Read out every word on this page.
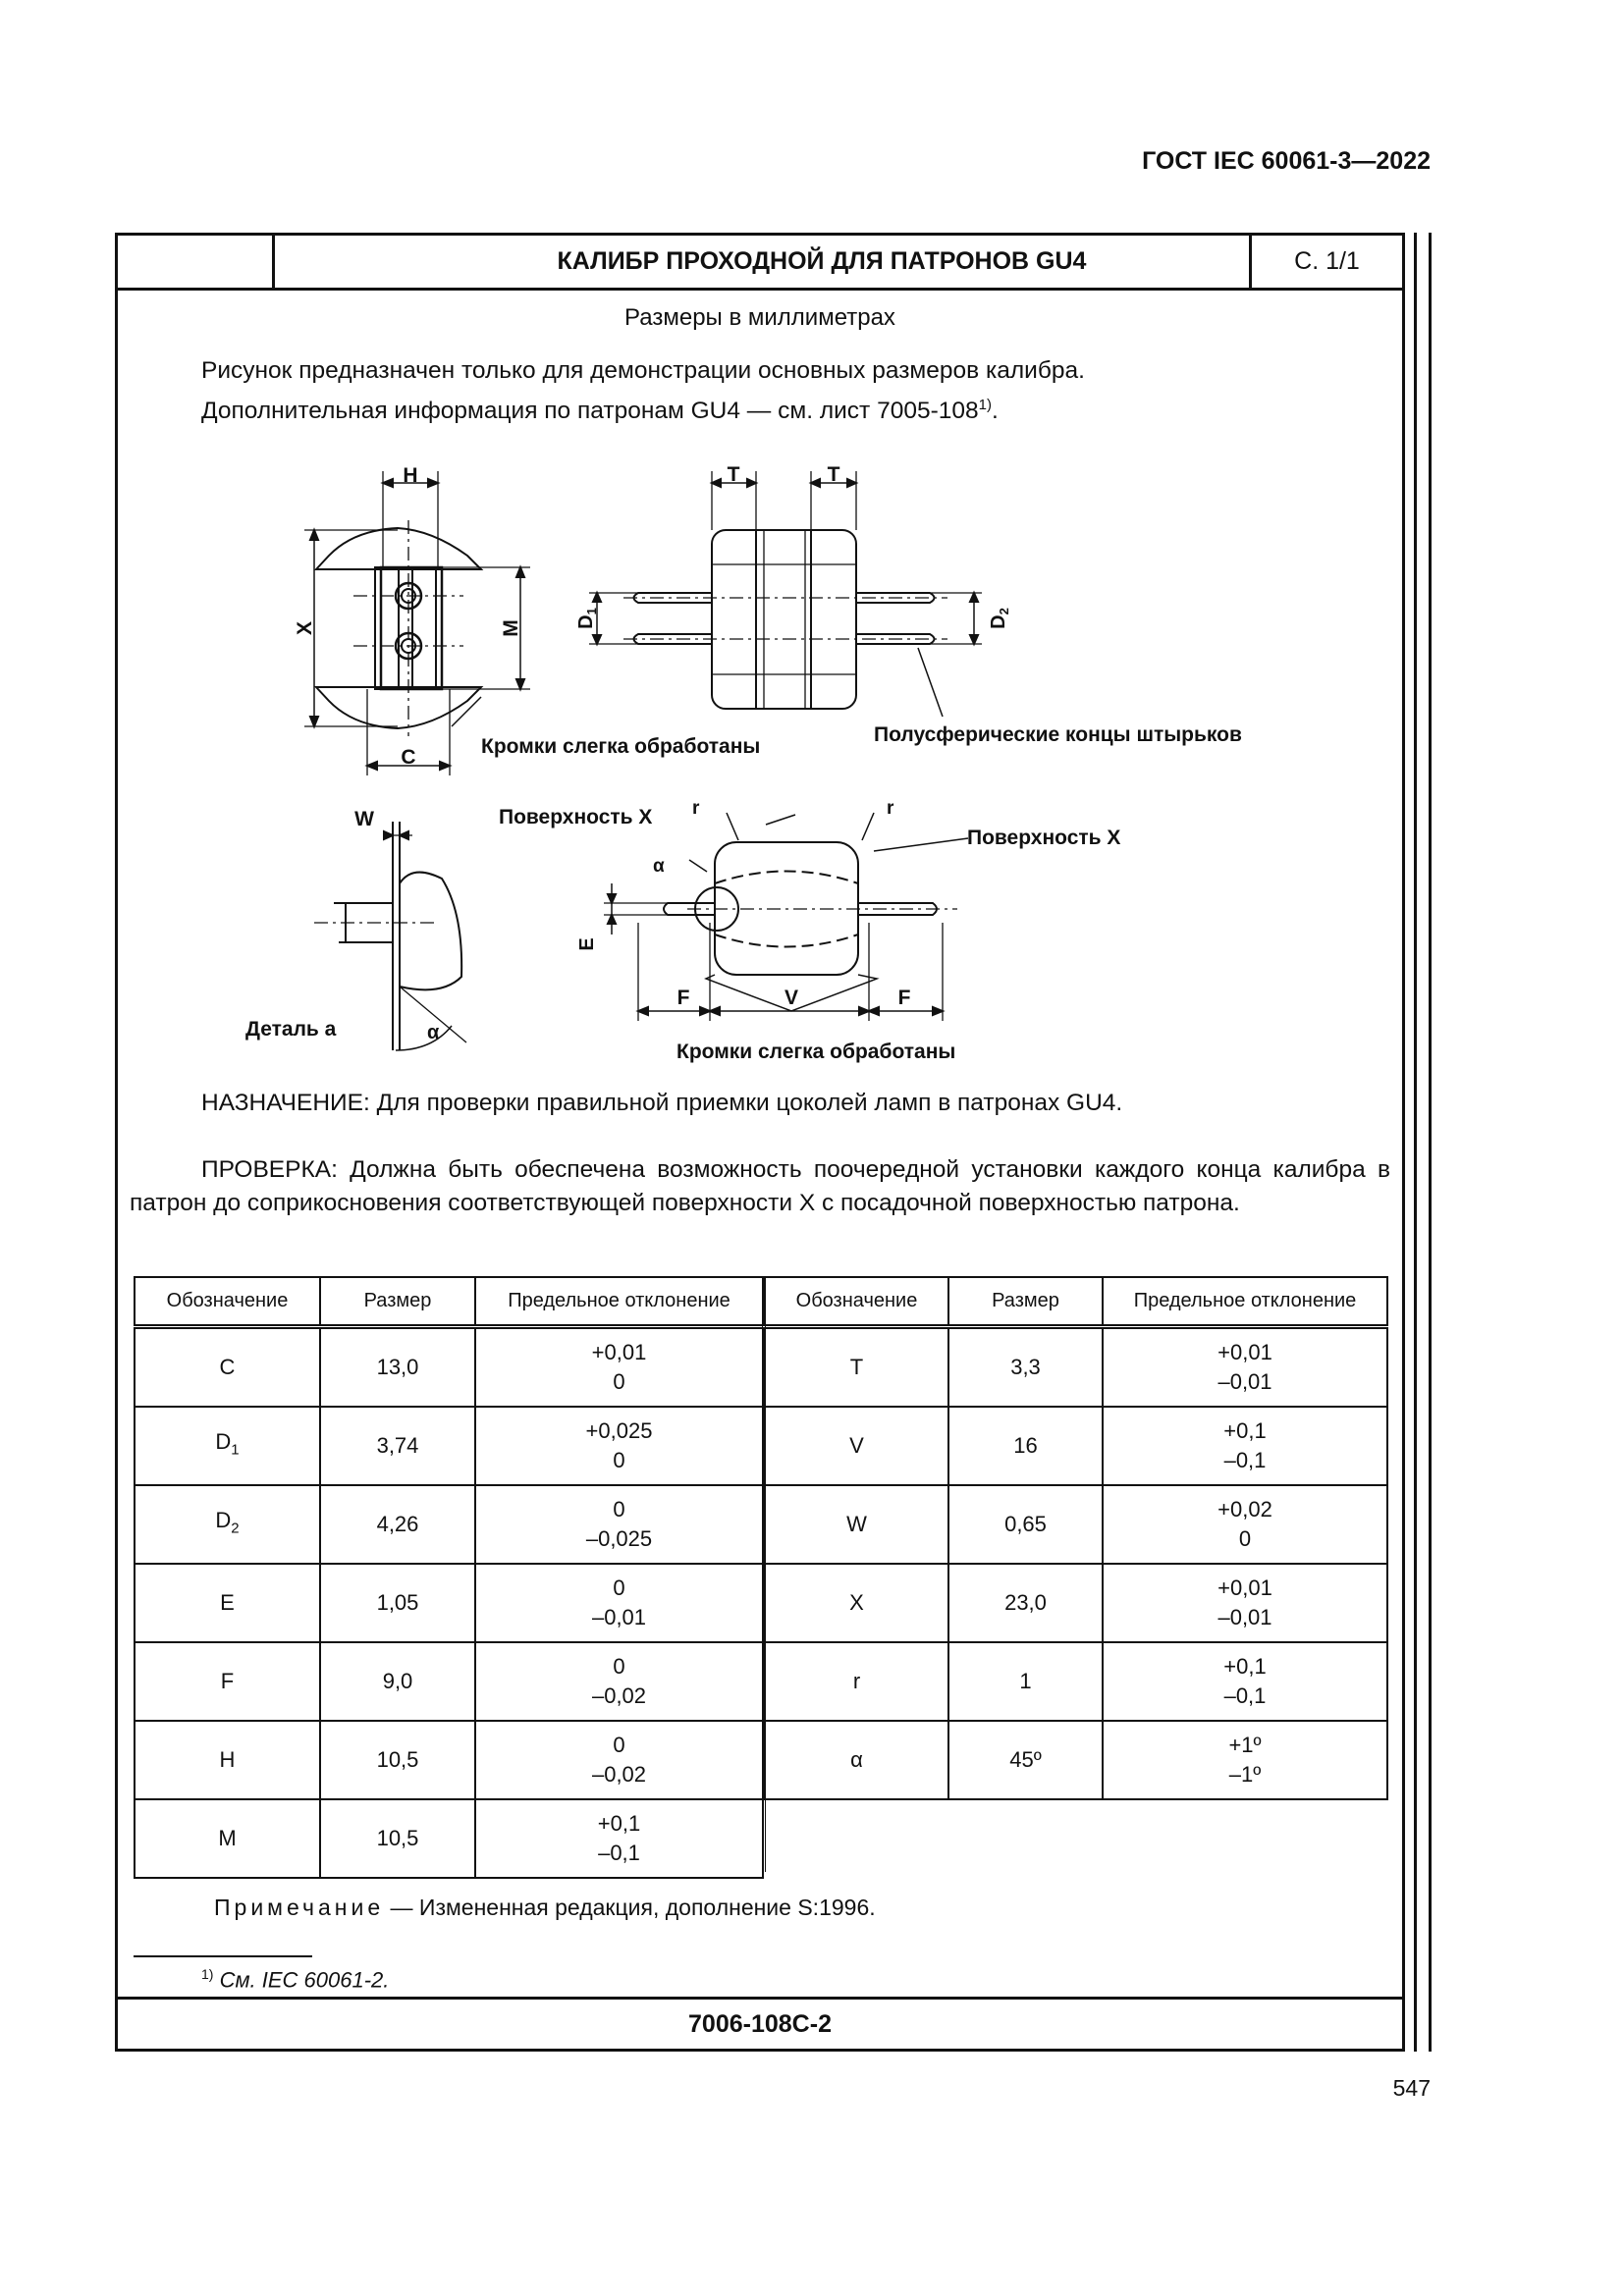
ГОСТ IEC 60061-3—2022
КАЛИБР ПРОХОДНОЙ ДЛЯ ПАТРОНОВ GU4	С. 1/1
Размеры в миллиметрах
Рисунок предназначен только для демонстрации основных размеров калибра.
Дополнительная информация по патронам GU4 — см. лист 7005-108$^{1)}$.
H
X	M
C	Кромки слегка обработаны
T	T
$D_1$
$D_2$
Полусферические концы штырьков
W
α
Деталь а
Поверхность X r	r
α
Поверхность X
E
F	V	F
Кромки слегка обработаны
НАЗНАЧЕНИЕ: Для проверки правильной приемки цоколей ламп в патронах GU4.
ПРОВЕРКА: Должна быть обеспечена возможность поочередной установки каждого конца калибра в патрон до соприкосновения соответствующей поверхности X с посадочной поверхностью патрона.
Обозначение	Размер	Предельное отклонение
C	13,0	+0,01
0

$D_1$	3,74	+0,025
0

$D_2$	4,26	0
–0,025

E	1,05	0
–0,01

F	9,0	0
–0,02

H	10,5	0
–0,02

M	10,5	+0,1
–0,1
Обозначение	Размер	Предельное отклонение
T	3,3	+0,01
–0,01

V	16	+0,1
–0,1

W	0,65	+0,02
0

X	23,0	+0,01
–0,01

r	1	+0,1
–0,1

α	45º	+1º
–1º
Примечание — Измененная редакция, дополнение S:1996.
$^{1)}$ См. IEC 60061-2.
7006-108С-2
547
